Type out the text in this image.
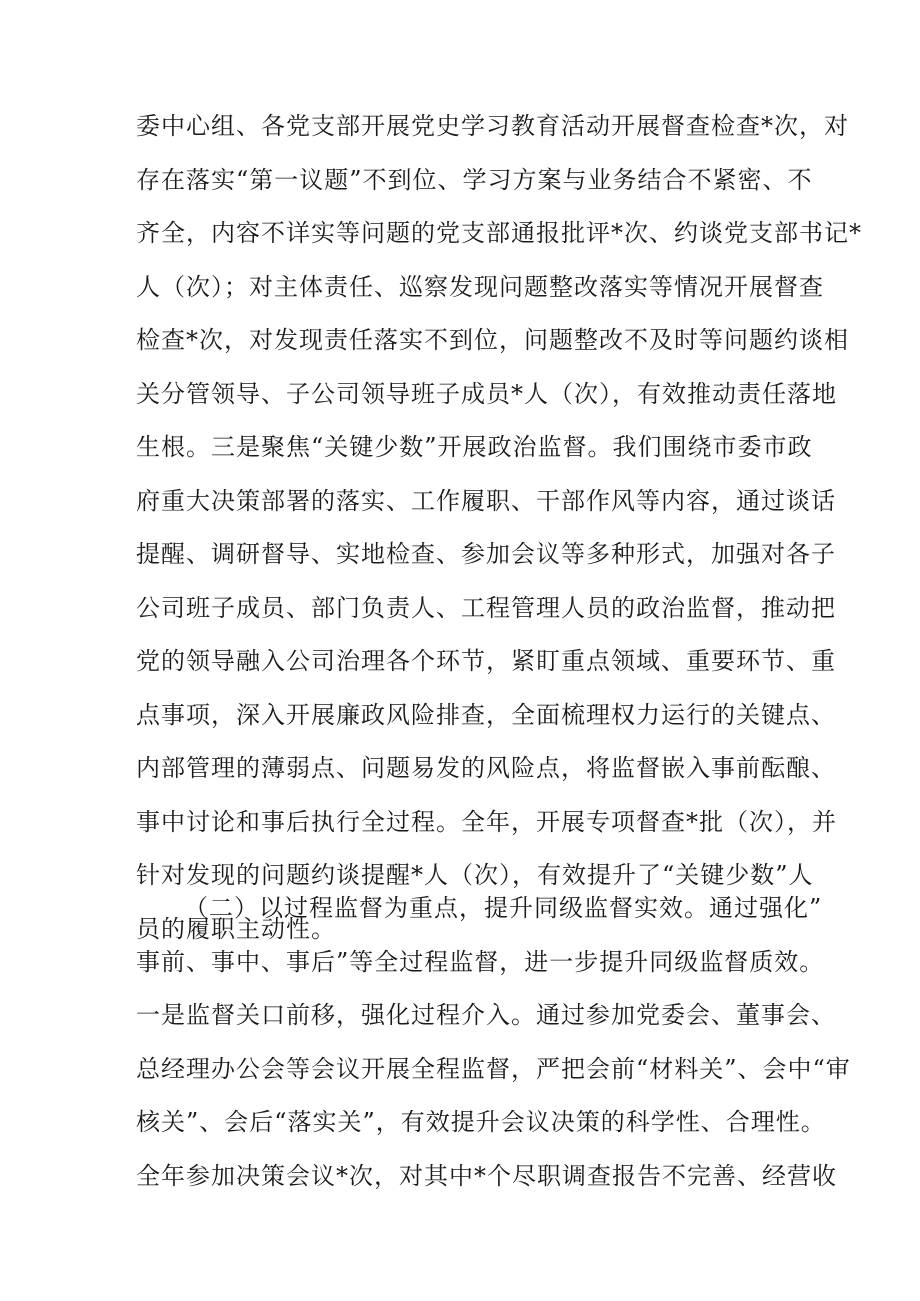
委中心组、各党支部开展党史学习教育活动开展督查检查*次，对
存在落实“第一议题”不到位、学习方案与业务结合不紧密、不
齐全，内容不详实等问题的党支部通报批评*次、约谈党支部书记*
人（次）；对主体责任、巡察发现问题整改落实等情况开展督查
检查*次，对发现责任落实不到位，问题整改不及时等问题约谈相
关分管领导、子公司领导班子成员*人（次），有效推动责任落地
生根。三是聚焦“关键少数”开展政治监督。我们围绕市委市政
府重大决策部署的落实、工作履职、干部作风等内容，通过谈话
提醒、调研督导、实地检查、参加会议等多种形式，加强对各子
公司班子成员、部门负责人、工程管理人员的政治监督，推动把
党的领导融入公司治理各个环节，紧盯重点领域、重要环节、重
点事项，深入开展廉政风险排查，全面梳理权力运行的关键点、
内部管理的薄弱点、问题易发的风险点，将监督嵌入事前酝酿、
事中讨论和事后执行全过程。全年，开展专项督查*批（次），并
针对发现的问题约谈提醒*人（次），有效提升了“关键少数”人
员的履职主动性。
（二）以过程监督为重点，提升同级监督实效。通过强化”
事前、事中、事后”等全过程监督，进一步提升同级监督质效。
一是监督关口前移，强化过程介入。通过参加党委会、董事会、
总经理办公会等会议开展全程监督，严把会前“材料关”、会中“审
核关”、会后“落实关”，有效提升会议决策的科学性、合理性。
全年参加决策会议*次，对其中*个尽职调查报告不完善、经营收
